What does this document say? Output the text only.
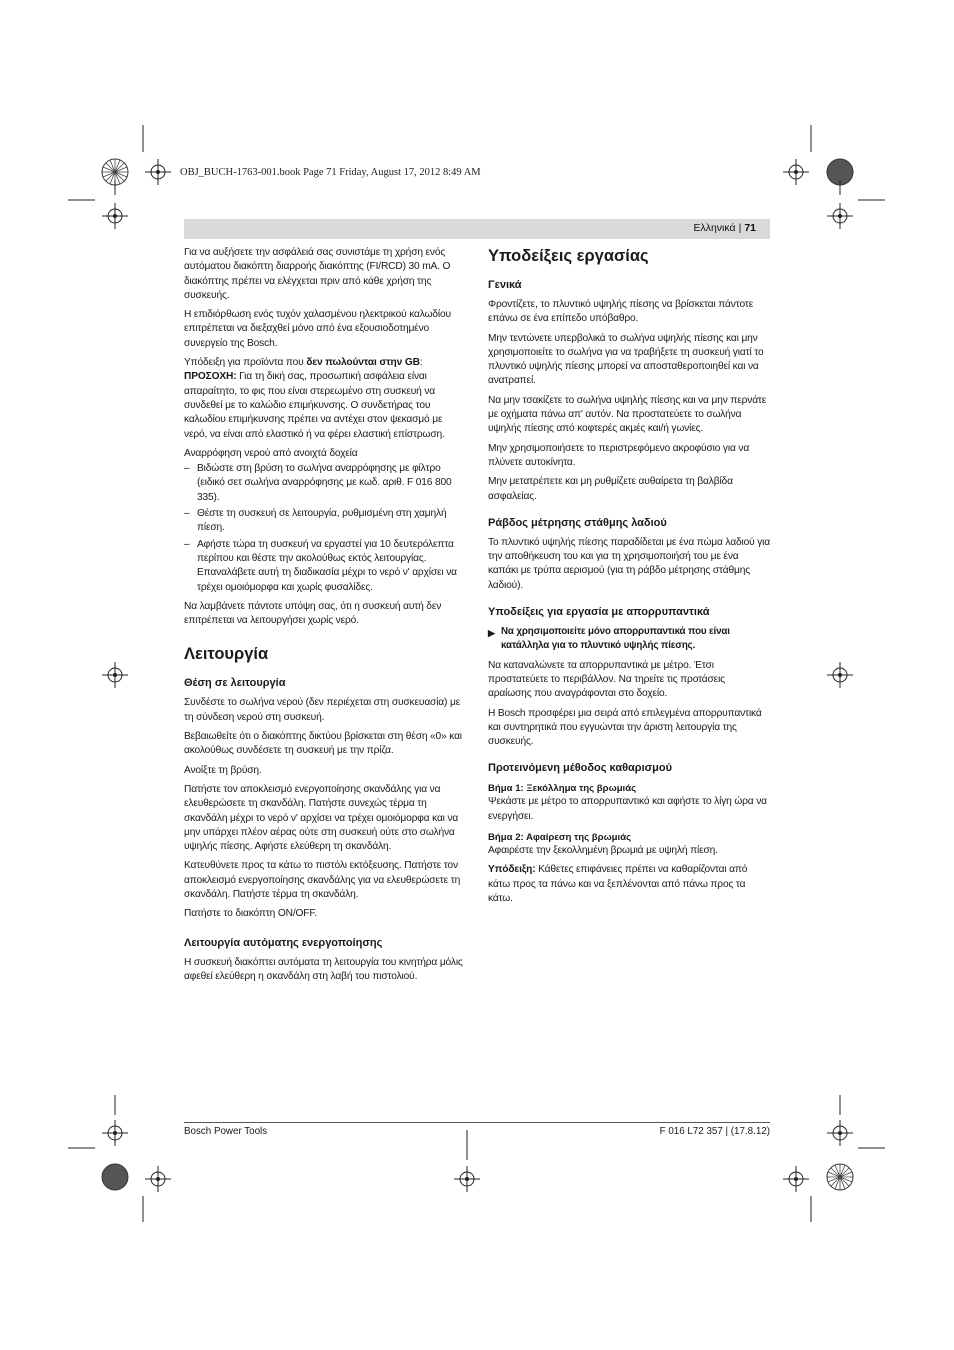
OBJ_BUCH-1763-001.book Page 71 Friday, August 17, 2012 8:49 AM
Ελληνικά | 71

Για να αυξήσετε την ασφάλειά σας συνιστάμε τη χρήση ενός αυτόματου διακόπτη διαρροής διακόπτης (FI/RCD) 30 mA. Ο διακόπτης πρέπει να ελέγχεται πριν από κάθε χρήση της συσκευής.

Η επιδιόρθωση ενός τυχόν χαλασμένου ηλεκτρικού καλωδίου επιτρέπεται να διεξαχθεί μόνο από ένα εξουσιοδοτημένο συνεργείο της Bosch.

Υπόδειξη για προϊόντα που δεν πωλούνται στην GB:

ΠΡΟΣΟΧΗ: Για τη δική σας, προσωπική ασφάλεια είναι απαραίτητο, το φις που είναι στερεωμένο στη συσκευή να συνδεθεί με το καλώδιο επιμήκυνσης. Ο συνδετήρας του καλωδίου επιμήκυνσης πρέπει να αντέχει στον ψεκασμό με νερό, να είναι από ελαστικό ή να φέρει ελαστική επίστρωση.

Αναρρόφηση νερού από ανοιχτά δοχεία

– Βιδώστε στη βρύση το σωλήνα αναρρόφησης με φίλτρο (ειδικό σετ σωλήνα αναρρόφησης με κωδ. αριθ. F 016 800 335).
– Θέστε τη συσκευή σε λειτουργία, ρυθμισμένη στη χαμηλή πίεση.
– Αφήστε τώρα τη συσκευή να εργαστεί για 10 δευτερόλεπτα περίπου και θέστε την ακολούθως εκτός λειτουργίας. Επαναλάβετε αυτή τη διαδικασία μέχρι το νερό ν' αρχίσει να τρέχει ομοιόμορφα και χωρίς φυσαλίδες.

Να λαμβάνετε πάντοτε υπόψη σας, ότι η συσκευή αυτή δεν επιτρέπεται να λειτουργήσει χωρίς νερό.

Λειτουργία
Θέση σε λειτουργία

Συνδέστε το σωλήνα νερού (δεν περιέχεται στη συσκευασία) με τη σύνδεση νερού στη συσκευή.

Βεβαιωθείτε ότι ο διακόπτης δικτύου βρίσκεται στη θέση «0» και ακολούθως συνδέσετε τη συσκευή με την πρίζα.

Ανοίξτε τη βρύση.

Πατήστε τον αποκλεισμό ενεργοποίησης σκανδάλης για να ελευθερώσετε τη σκανδάλη. Πατήστε συνεχώς τέρμα τη σκανδάλη μέχρι το νερό ν' αρχίσει να τρέχει ομοιόμορφα και να μην υπάρχει πλέον αέρας ούτε στη συσκευή ούτε στο σωλήνα υψηλής πίεσης. Αφήστε ελεύθερη τη σκανδάλη.

Κατευθύνετε προς τα κάτω το πιστόλι εκτόξευσης. Πατήστε τον αποκλεισμό ενεργοποίησης σκανδάλης για να ελευθερώσετε τη σκανδάλη. Πατήστε τέρμα τη σκανδάλη.

Πατήστε το διακόπτη ON/OFF.

Λειτουργία αυτόματης ενεργοποίησης

Η συσκευή διακόπτει αυτόματα τη λειτουργία του κινητήρα μόλις αφεθεί ελεύθερη η σκανδάλη στη λαβή του πιστολιού.

Υποδείξεις εργασίας
Γενικά

Φροντίζετε, το πλυντικό υψηλής πίεσης να βρίσκεται πάντοτε επάνω σε ένα επίπεδο υπόβαθρο.

Μην τεντώνετε υπερβολικά το σωλήνα υψηλής πίεσης και μην χρησιμοποιείτε το σωλήνα για να τραβήξετε τη συσκευή γιατί το πλυντικό υψηλής πίεσης μπορεί να αποσταθεροποιηθεί και να ανατραπεί.

Να μην τσακίζετε το σωλήνα υψηλής πίεσης και να μην περνάτε με οχήματα πάνω απ' αυτόν. Να προστατεύετε το σωλήνα υψηλής πίεσης από κοφτερές ακμές και/ή γωνίες.

Μην χρησιμοποιήσετε το περιστρεφόμενο ακροφύσιο για να πλύνετε αυτοκίνητα.

Μην μετατρέπετε και μη ρυθμίζετε αυθαίρετα τη βαλβίδα ασφαλείας.

Ράβδος μέτρησης στάθμης λαδιού

Το πλυντικό υψηλής πίεσης παραδίδεται με ένα πώμα λαδιού για την αποθήκευση του και για τη χρησιμοποιήσή του με ένα καπάκι με τρύπα αερισμού (για τη ράβδο μέτρησης στάθμης λαδιού).

Υποδείξεις για εργασία με απορρυπαντικά
▶ Να χρησιμοποιείτε μόνο απορρυπαντικά που είναι κατάλληλα για το πλυντικό υψηλής πίεσης.

Να καταναλώνετε τα απορρυπαντικά με μέτρο. Έτσι προστατεύετε το περιβάλλον. Να τηρείτε τις προτάσεις αραίωσης που αναγράφονται στο δοχείο.

Η Bosch προσφέρει μια σειρά από επιλεγμένα απορρυπαντικά και συντηρητικά που εγγυώνται την άριστη λειτουργία της συσκευής.

Προτεινόμενη μέθοδος καθαρισμού
Βήμα 1: Ξεκόλλημα της βρωμιάς

Ψεκάστε με μέτρο το απορρυπαντικό και αφήστε το λίγη ώρα να ενεργήσει.

Βήμα 2: Αφαίρεση της βρωμιάς

Αφαιρέστε την ξεκολλημένη βρωμιά με υψηλή πίεση.

Υπόδειξη: Κάθετες επιφάνειες πρέπει να καθαρίζονται από κάτω προς τα πάνω και να ξεπλένονται από πάνω προς τα κάτω.

Bosch Power Tools	F 016 L72 357 | (17.8.12)
